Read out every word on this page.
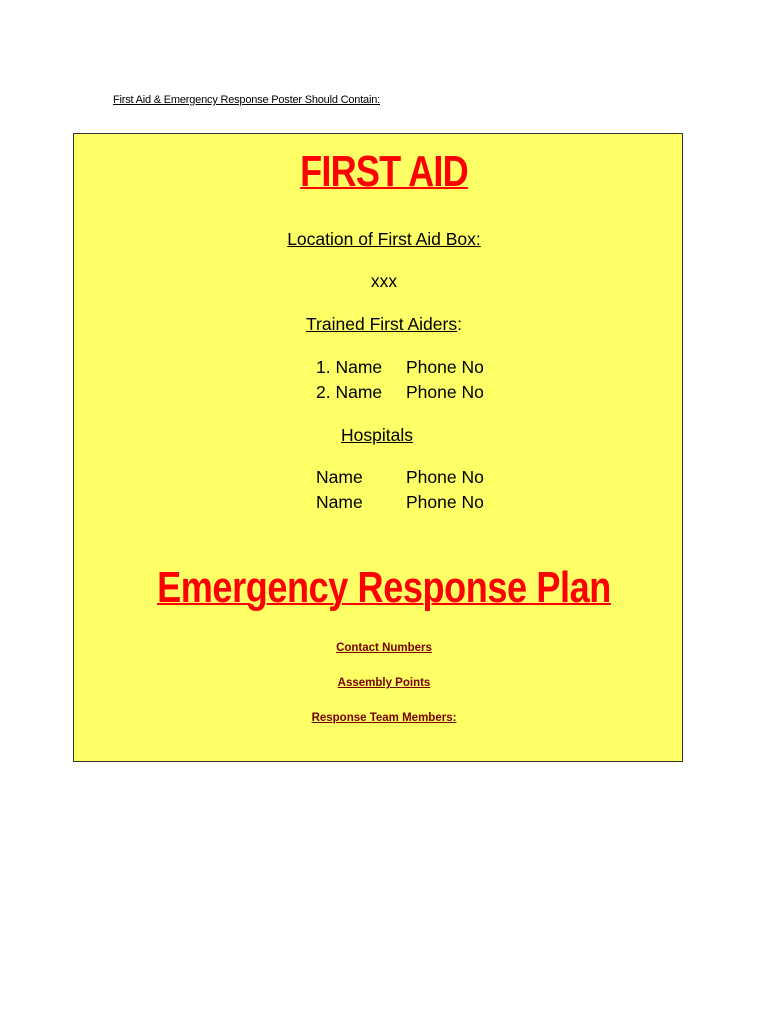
First Aid & Emergency Response Poster Should Contain:
FIRST AID
Location of First Aid Box:
xxx
Trained First Aiders:
1. Name Phone No
2. Name Phone No
Hospitals
Name Phone No
Name Phone No
Emergency Response Plan
Contact Numbers
Assembly Points
Response Team Members:
